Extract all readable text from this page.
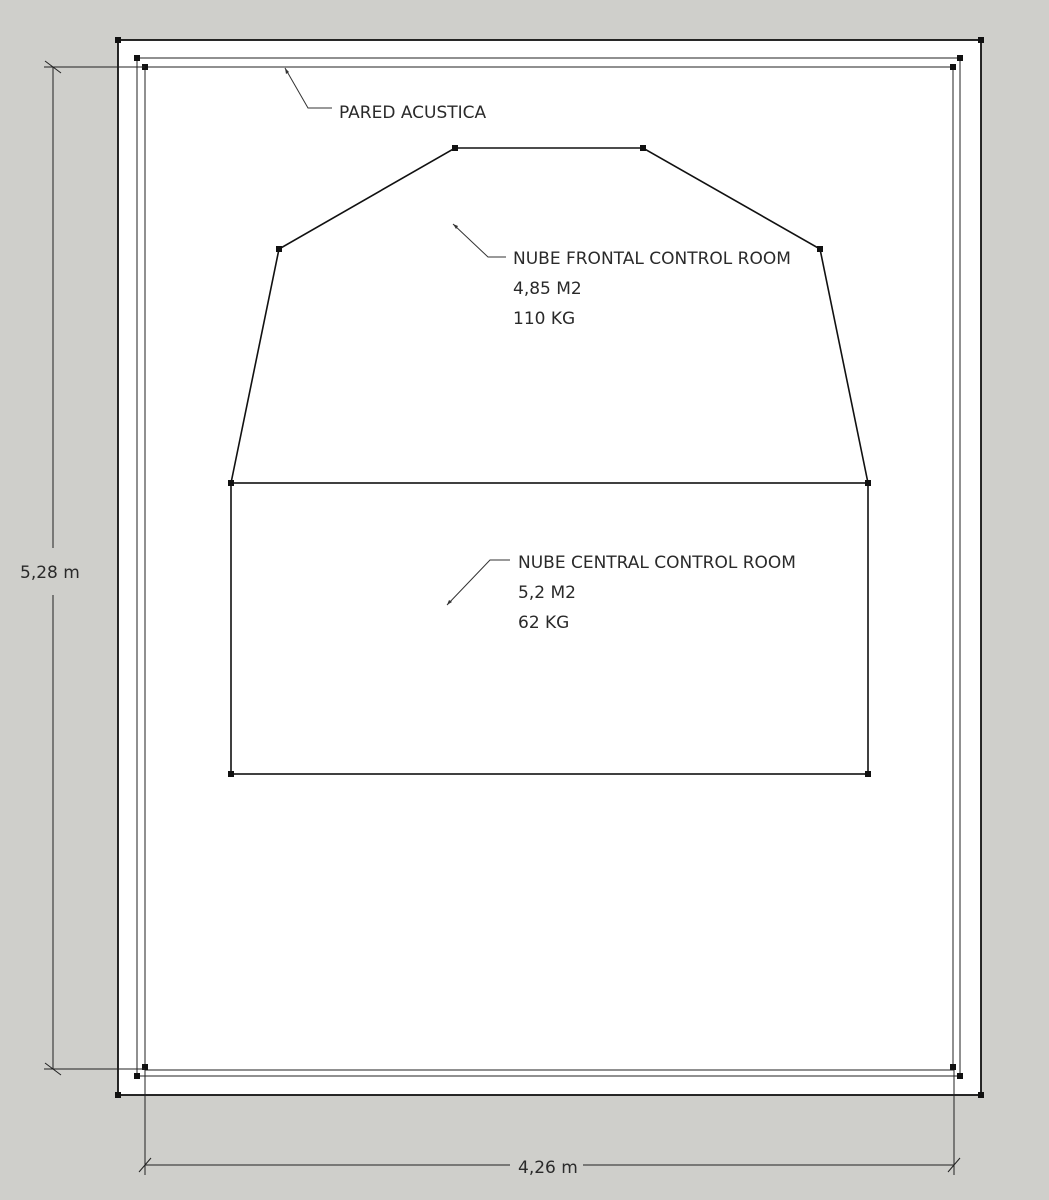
PARED ACUSTICA
NUBE FRONTAL CONTROL ROOM
4,85 M2
110 KG
NUBE CENTRAL CONTROL ROOM
5,2 M2
62 KG
5,28 m
4,26 m
